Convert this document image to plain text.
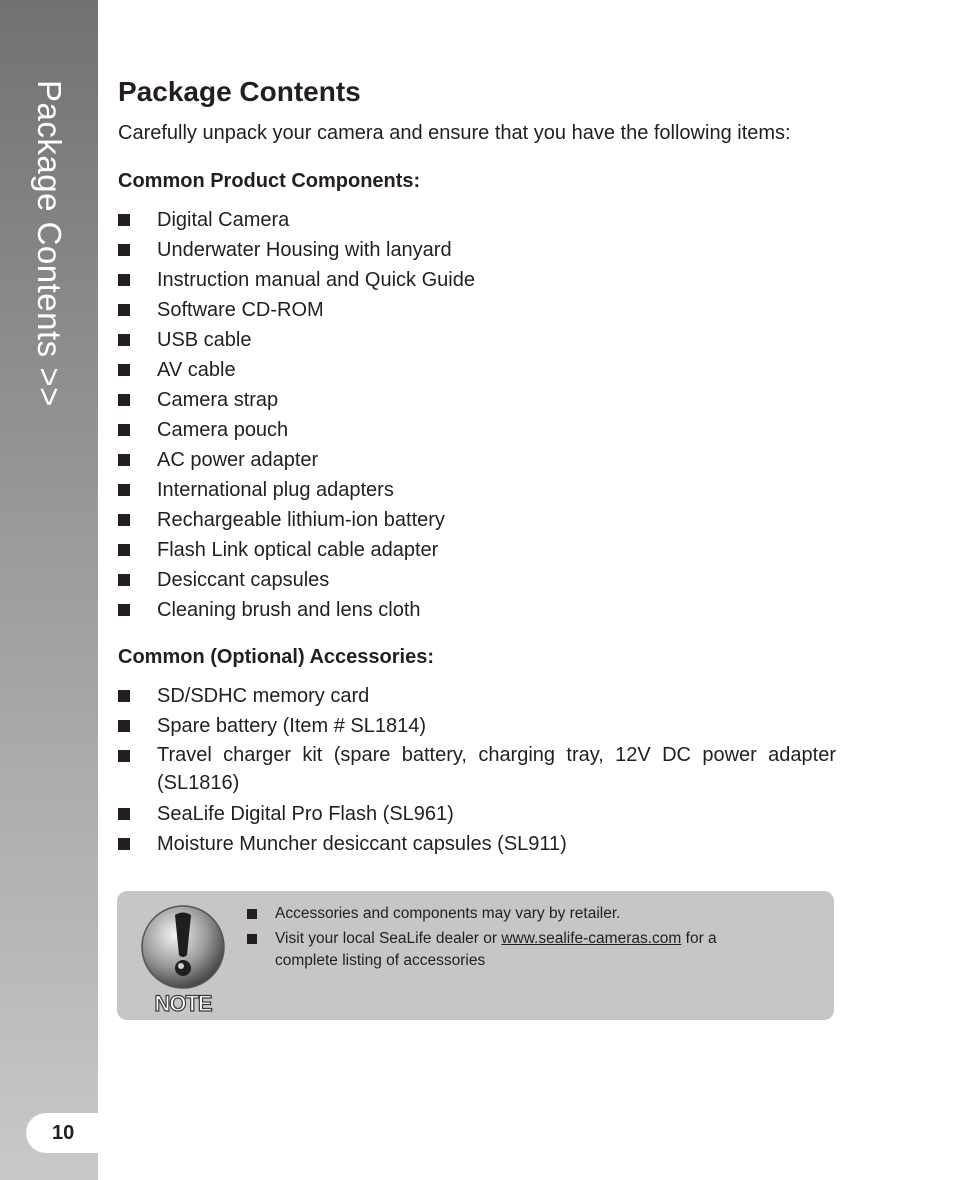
Package Contents >>
10
Package Contents

Carefully unpack your camera and ensure that you have the following items:

Common Product Components:
Digital Camera
Underwater Housing with lanyard
Instruction manual and Quick Guide
Software CD-ROM
USB cable
AV cable
Camera strap
Camera pouch
AC power adapter
International plug adapters
Rechargeable lithium-ion battery
Flash Link optical cable adapter
Desiccant capsules
Cleaning brush and lens cloth
Common (Optional) Accessories:
SD/SDHC memory card
Spare battery (Item # SL1814)
Travel charger kit (spare battery, charging tray, 12V DC power adapter (SL1816)
SeaLife Digital Pro Flash (SL961)
Moisture Muncher desiccant capsules (SL911)
NOTE
Accessories and components may vary by retailer.
Visit your local SeaLife dealer or www.sealife-cameras.com for a complete listing of accessories
